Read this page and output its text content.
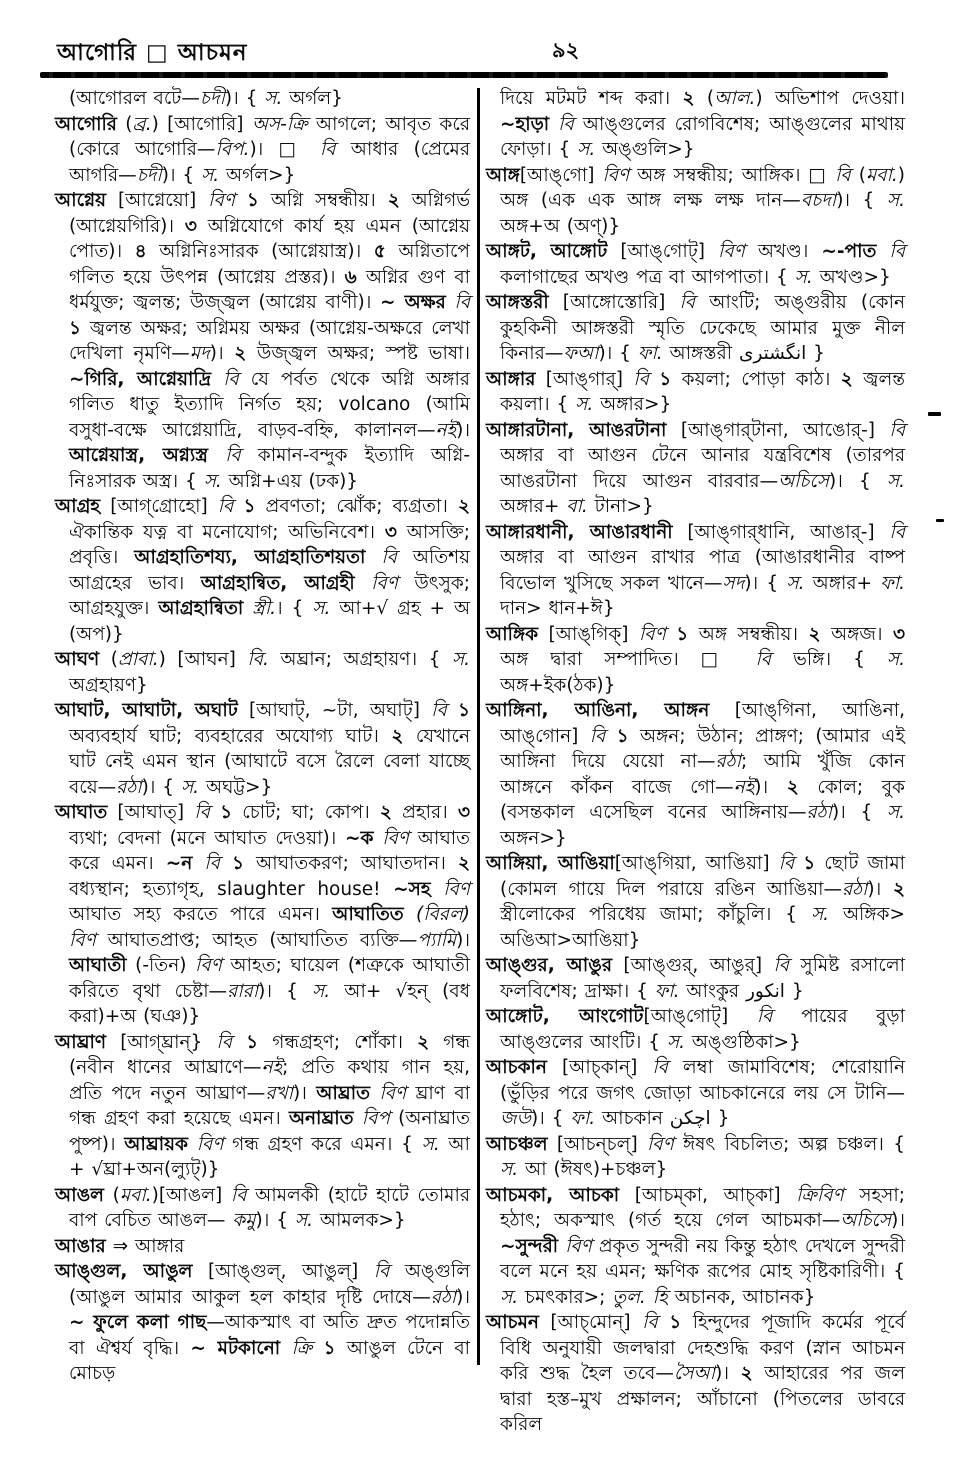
আগোরি □ আচমন	৯২

(আগোরল বটে—চদী)। { স. অর্গল}

আগোরি (ব্র.) [আগোরি] অস-ক্রি আগলে; আবৃত করে (কোরে আগোরি—বিপ.)। □ বি আধার (প্রেমের আগরি—চদী)। { স. অর্গল>}

আগ্নেয় [আগ্নেয়ো] বিণ ১ অগ্নি সম্বন্ধীয়। ২ অগ্নিগর্ভ (আগ্নেয়গিরি)। ৩ অগ্নিযোগে কার্য হয় এমন (আগ্নেয় পোত)। ৪ অগ্নিনিঃসারক (আগ্নেয়াস্ত্র)। ৫ অগ্নিতাপে গলিত হয়ে উৎপন্ন (আগ্নেয় প্রস্তর)। ৬ অগ্নির গুণ বা ধর্মযুক্ত; জ্বলন্ত; উজ্জ্বল (আগ্নেয় বাণী)। ~ অক্ষর বি ১ জ্বলন্ত অক্ষর; অগ্নিময় অক্ষর (আগ্নেয়-অক্ষরে লেখা দেখিলা নৃমণি—মদ)। ২ উজ্জ্বল অক্ষর; স্পষ্ট ভাষা। ~গিরি, আগ্নেয়াদ্রি বি যে পর্বত থেকে অগ্নি অঙ্গার গলিত ধাতু ইত্যাদি নির্গত হয়; volcano (আমি বসুধা-বক্ষে আগ্নেয়াদ্রি, বাড়ব-বহ্নি, কালানল—নই)। আগ্নেয়াস্ত্র, অগ্ন্যস্ত্র বি কামান-বন্দুক ইত্যাদি অগ্নি-নিঃসারক অস্ত্র। { স. অগ্নি+এয় (ঢক)}

আগ্রহ [আগ্‌গ্রোহো] বি ১ প্রবণতা; ঝোঁক; ব্যগ্রতা। ২ ঐকান্তিক যত্ন বা মনোযোগ; অভিনিবেশ। ৩ আসক্তি; প্রবৃত্তি। আগ্রহাতিশয্য, আগ্রহাতিশয়তা বি অতিশয় আগ্রহের ভাব। আগ্রহান্বিত, আগ্রহী বিণ উৎসুক; আগ্রহযুক্ত। আগ্রহান্বিতা স্ত্রী.। { স. আ+√ গ্রহ + অ (অপ)}

আঘণ (প্রাবা.) [আঘন] বি. অঘ্রান; অগ্রহায়ণ। { স. অগ্রহায়ণ}

আঘাট, আঘাটা, অঘাট [আঘাট্, ~টা, অঘাট্] বি ১ অব্যবহার্য ঘাট; ব্যবহারের অযোগ্য ঘাট। ২ যেখানে ঘাট নেই এমন স্থান (আঘাটে বসে রৈলে বেলা যাচ্ছে বয়ে—রঠা)। { স. অঘট্ট>}

আঘাত [আঘাত্] বি ১ চোট; ঘা; কোপ। ২ প্রহার। ৩ ব্যথা; বেদনা (মনে আঘাত দেওয়া)। ~ক বিণ আঘাত করে এমন। ~ন বি ১ আঘাতকরণ; আঘাতদান। ২ বধ্যস্থান; হত্যাগৃহ, slaughter house! ~সহ বিণ আঘাত সহ্য করতে পারে এমন। আঘাতিত (বিরল) বিণ আঘাতপ্রাপ্ত; আহত (আঘাতিত ব্যক্তি—প্যামি)। আঘাতী (-তিন) বিণ আহত; ঘায়েল (শত্রুকে আঘাতী করিতে বৃথা চেষ্টা—রারা)। { স. আ+ √হন্ (বধ করা)+অ (ঘঞ)}

আঘ্রাণ [আগ্‌ঘ্রান্} বি ১ গন্ধগ্রহণ; শোঁকা। ২ গন্ধ (নবীন ধানের আঘ্রাণে—নই; প্রতি কথায় গান হয়, প্রতি পদে নতুন আঘ্রাণ—রখা)। আঘ্রাত বিণ ঘ্রাণ বা গন্ধ গ্রহণ করা হয়েছে এমন। অনাঘ্রাত বিপ (অনাঘ্রাত পুষ্প)। আঘ্রায়ক বিণ গন্ধ গ্রহণ করে এমন। { স. আ + √ঘ্রা+অন(ল্যুট্)}

আঙল (মবা.)[আঙল] বি আমলকী (হাটে হাটে তোমার বাপ বেচিত আঙল— কমু)। { স. আমলক>}

আঙার ⇒ আঙ্গার

আঙ্গুল, আঙুল [আঙ্‌গুল্, আঙুল্] বি অঙ্গুলি (আঙুল আমার আকুল হল কাহার দৃষ্টি দোষে—রঠা)। ~ ফুলে কলা গাছ—আকস্মাৎ বা অতি দ্রুত পদোন্নতি বা ঐশ্বর্য বৃদ্ধি। ~ মটকানো ক্রি ১ আঙুল টেনে বা মোচড়

দিয়ে মটমট শব্দ করা। ২ (আল.) অভিশাপ দেওয়া। ~হাড়া বি আঙ্গুলের রোগবিশেষ; আঙ্গুলের মাথায় ফোড়া। { স. অঙ্গুলি>}

আঙ্গ[আঙ্‌গো] বিণ অঙ্গ সম্বন্ধীয়; আঙ্গিক। □ বি (মবা.) অঙ্গ (এক এক আঙ্গ লক্ষ লক্ষ দান—বচদা)। { স. অঙ্গ+অ (অণ্)}

আঙ্গট, আঙ্গোট [আঙ্‌গোট্] বিণ অখণ্ড। ~-পাত বি কলাগাছের অখণ্ড পত্র বা আগপাতা। { স. অখণ্ড>}

আঙ্গস্তরী [আঙ্গোস্তোরি] বি আংটি; অঙ্গুরীয় (কোন কুহকিনী আঙ্গস্তরী স্মৃতি ঢেকেছে আমার মুক্ত নীল কিনার—ফআ)। { ফা. আঙ্গস্তরী انگشتری }

আঙ্গার [আঙ্‌গার্] বি ১ কয়লা; পোড়া কাঠ। ২ জ্বলন্ত কয়লা। { স. অঙ্গার>}

আঙ্গারটানা, আঙরটানা [আঙ্‌গার্‌টানা, আঙোর্-] বি অঙ্গার বা আগুন টেনে আনার যন্ত্রবিশেষ (তারপর আঙরটানা দিয়ে আগুন বারবার—অচিসে)। { স. অঙ্গার+ বা. টানা>}

আঙ্গারধানী, আঙারধানী [আঙ্‌গার্‌ধানি, আঙার্-] বি অঙ্গার বা আগুন রাখার পাত্র (আঙারধানীর বাষ্প বিভোল খুসিছে সকল খানে—সদ)। { স. অঙ্গার+ ফা. দান> ধান+ঈ}

আঙ্গিক [আঙ্‌গিক্] বিণ ১ অঙ্গ সম্বন্ধীয়। ২ অঙ্গজ। ৩ অঙ্গ দ্বারা সম্পাদিত। □ বি ভঙ্গি। { স. অঙ্গ+ইক(ঠক)}

আঙ্গিনা, আঙিনা, আঙ্গন [আঙ্‌গিনা, আঙিনা, আঙ্‌গোন] বি ১ অঙ্গন; উঠান; প্রাঙ্গণ; (আমার এই আঙ্গিনা দিয়ে যেয়ো না—রঠা; আমি খুঁজি কোন আঙ্গনে কাঁকন বাজে গো—নই)। ২ কোল; বুক (বসন্তকাল এসেছিল বনের আঙ্গিনায়—রঠা)। { স. অঙ্গন>}

আঙ্গিয়া, আঙিয়া[আঙ্‌গিয়া, আঙিয়া] বি ১ ছোট জামা (কোমল গায়ে দিল পরায়ে রঙিন আঙিয়া—রঠা)। ২ স্ত্রীলোকের পরিধেয় জামা; কাঁচুলি। { স. অঙ্গিক> অঙিআ>আঙিয়া}

আঙ্গুর, আঙুর [আঙ্‌গুর্, আঙুর্] বি সুমিষ্ট রসালো ফলবিশেষ; দ্রাক্ষা। { ফা. আংকুর انكور }

আঙ্গোট, আংগোট[আঙ্‌গোট্] বি পায়ের বুড়া আঙ্গুলের আংটি। { স. অঙ্গুষ্ঠিকা>}

আচকান [আচ্‌কান্] বি লম্বা জামাবিশেষ; শেরোয়ানি (ভুঁড়ির পরে জগৎ জোড়া আচকানেরে লয় সে টানি—জউ)। { ফা. আচকান اچکن }

আচঞ্চল [আচন্‌চল্] বিণ ঈষৎ বিচলিত; অল্প চঞ্চল। { স. আ (ঈষৎ)+চঞ্চল}

আচমকা, আচকা [আচম্‌কা, আচ্‌কা] ক্রিবিণ সহসা; হঠাৎ; অকস্মাৎ (গর্ত হয়ে গেল আচমকা—অচিসে)। ~সুন্দরী বিণ প্রকৃত সুন্দরী নয় কিন্তু হঠাৎ দেখলে সুন্দরী বলে মনে হয় এমন; ক্ষণিক রূপের মোহ সৃষ্টিকারিণী। { স. চমৎকার>; তুল. হি অচানক, আচানক}

আচমন [আচ্‌মোন্] বি ১ হিন্দুদের পূজাদি কর্মের পূর্বে বিধি অনুযায়ী জলদ্বারা দেহশুদ্ধি করণ (স্নান আচমন করি শুদ্ধ হৈল তবে—সৈআ)। ২ আহারের পর জল দ্বারা হস্ত–মুখ প্রক্ষালন; আঁচানো (পিতলের ডাবরে করিল
